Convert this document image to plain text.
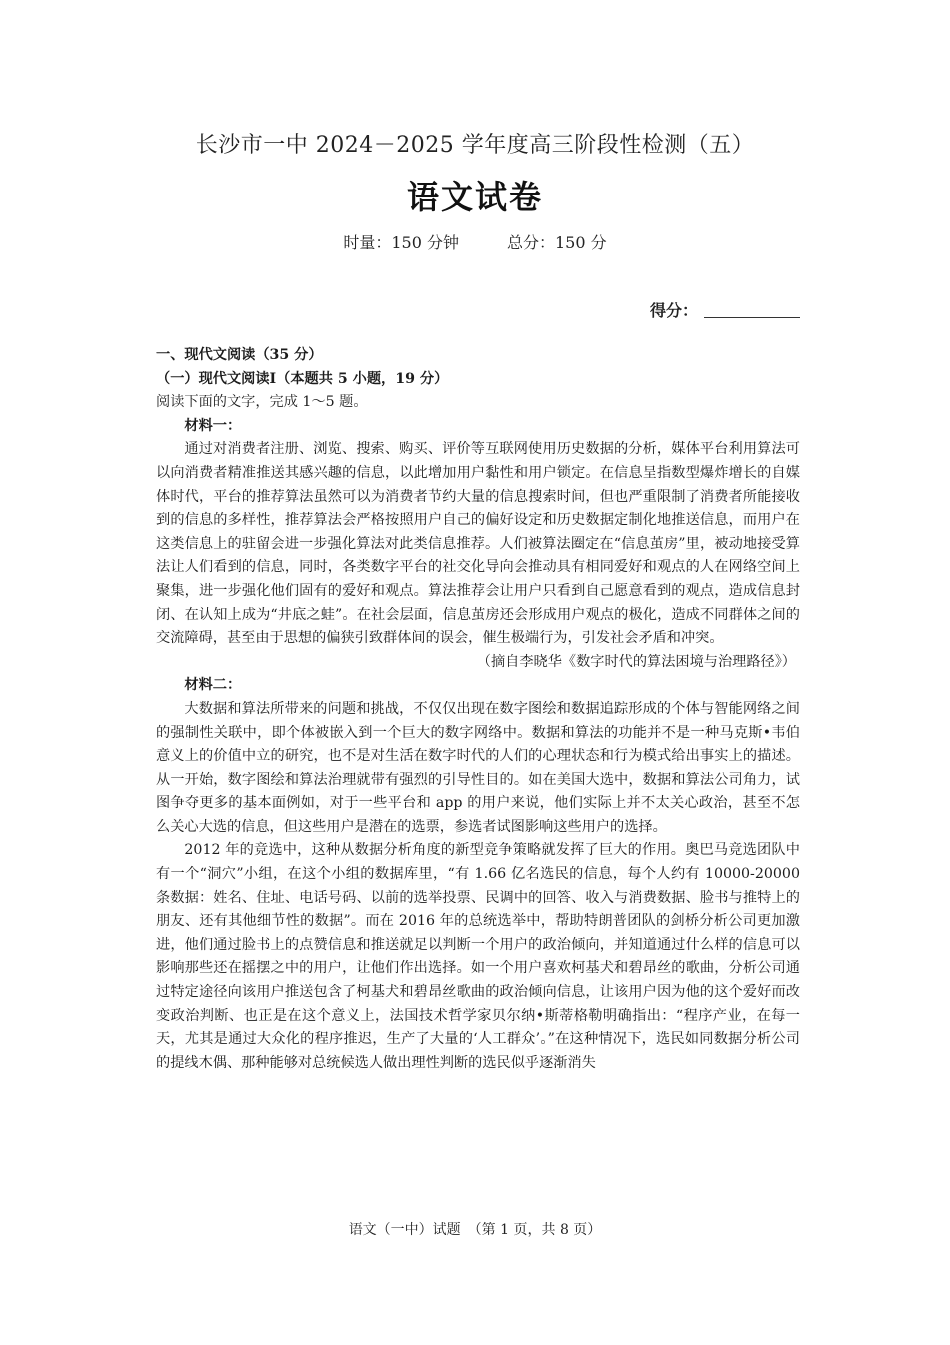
长沙市一中 2024－2025 学年度高三阶段性检测（五）
语文试卷
时量：150 分钟	总分：150 分
得分：

一、现代文阅读（35 分）

（一）现代文阅读Ⅰ（本题共 5 小题，19 分）

阅读下面的文字，完成 1～5 题。

材料一：

通过对消费者注册、浏览、搜索、购买、评价等互联网使用历史数据的分析，媒体平台利用算法可以向消费者精准推送其感兴趣的信息，以此增加用户黏性和用户锁定。在信息呈指数型爆炸增长的自媒体时代，平台的推荐算法虽然可以为消费者节约大量的信息搜索时间，但也严重限制了消费者所能接收到的信息的多样性，推荐算法会严格按照用户自己的偏好设定和历史数据定制化地推送信息，而用户在这类信息上的驻留会进一步强化算法对此类信息推荐。人们被算法圈定在“信息茧房”里，被动地接受算法让人们看到的信息，同时，各类数字平台的社交化导向会推动具有相同爱好和观点的人在网络空间上聚集，进一步强化他们固有的爱好和观点。算法推荐会让用户只看到自己愿意看到的观点，造成信息封闭、在认知上成为“井底之蛙”。在社会层面，信息茧房还会形成用户观点的极化，造成不同群体之间的交流障碍，甚至由于思想的偏狭引致群体间的误会，催生极端行为，引发社会矛盾和冲突。

（摘自李晓华《数字时代的算法困境与治理路径》）

材料二：

大数据和算法所带来的问题和挑战，不仅仅出现在数字图绘和数据追踪形成的个体与智能网络之间的强制性关联中，即个体被嵌入到一个巨大的数字网络中。数据和算法的功能并不是一种马克斯•韦伯意义上的价值中立的研究，也不是对生活在数字时代的人们的心理状态和行为模式给出事实上的描述。从一开始，数字图绘和算法治理就带有强烈的引导性目的。如在美国大选中，数据和算法公司角力，试图争夺更多的基本面例如，对于一些平台和 app 的用户来说，他们实际上并不太关心政治，甚至不怎么关心大选的信息，但这些用户是潜在的选票，参选者试图影响这些用户的选择。

2012 年的竞选中，这种从数据分析角度的新型竞争策略就发挥了巨大的作用。奥巴马竞选团队中有一个“洞穴”小组，在这个小组的数据库里，“有 1.66 亿名选民的信息，每个人约有 10000-20000 条数据：姓名、住址、电话号码、以前的选举投票、民调中的回答、收入与消费数据、脸书与推特上的朋友、还有其他细节性的数据”。而在 2016 年的总统选举中，帮助特朗普团队的剑桥分析公司更加激进，他们通过脸书上的点赞信息和推送就足以判断一个用户的政治倾向，并知道通过什么样的信息可以影响那些还在摇摆之中的用户，让他们作出选择。如一个用户喜欢柯基犬和碧昂丝的歌曲，分析公司通过特定途径向该用户推送包含了柯基犬和碧昂丝歌曲的政治倾向信息，让该用户因为他的这个爱好而改变政治判断、也正是在这个意义上，法国技术哲学家贝尔纳•斯蒂格勒明确指出：“程序产业，在每一天，尤其是通过大众化的程序推迟，生产了大量的‘人工群众’。”在这种情况下，选民如同数据分析公司的提线木偶、那种能够对总统候选人做出理性判断的选民似乎逐渐消失

语文（一中）试题　（第 1 页，共 8 页）
